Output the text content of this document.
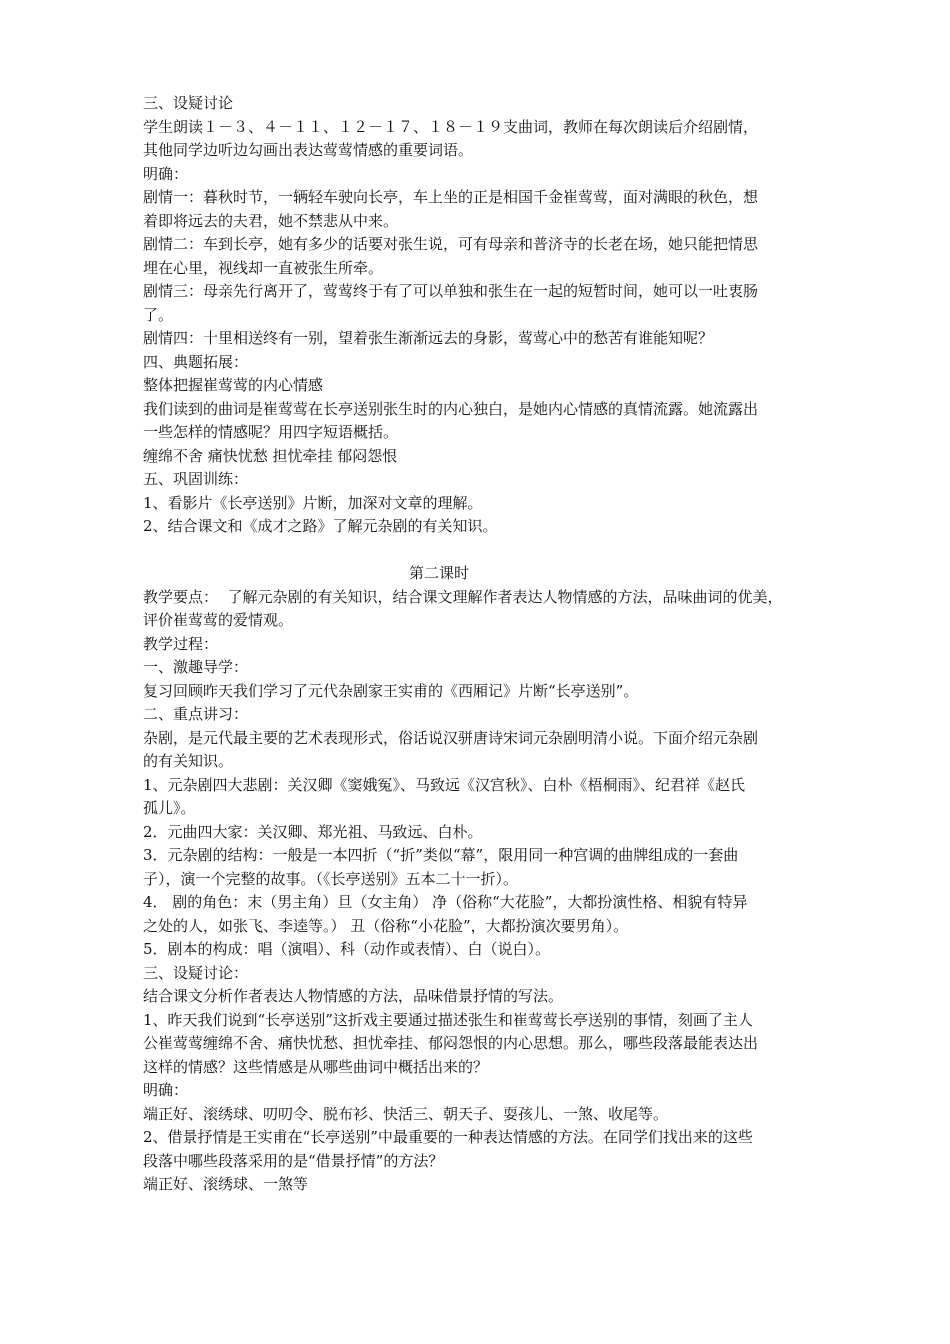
三、设疑讨论

学生朗读１－３、４－１１、１２－１７、１８－１９支曲词，教师在每次朗读后介绍剧情，

其他同学边听边勾画出表达莺莺情感的重要词语。

明确：

剧情一：暮秋时节，一辆轻车驶向长亭，车上坐的正是相国千金崔莺莺，面对满眼的秋色，想

着即将远去的夫君，她不禁悲从中来。

剧情二：车到长亭，她有多少的话要对张生说，可有母亲和普济寺的长老在场，她只能把情思

埋在心里，视线却一直被张生所牵。

剧情三：母亲先行离开了，莺莺终于有了可以单独和张生在一起的短暂时间，她可以一吐衷肠

了。

剧情四：十里相送终有一别，望着张生渐渐远去的身影，莺莺心中的愁苦有谁能知呢？

四、典题拓展：

整体把握崔莺莺的内心情感

我们读到的曲词是崔莺莺在长亭送别张生时的内心独白，是她内心情感的真情流露。她流露出

一些怎样的情感呢？用四字短语概括。

缠绵不舍 痛快忧愁 担忧牵挂 郁闷怨恨

五、巩固训练：

1、看影片《长亭送别》片断，加深对文章的理解。

2、结合课文和《成才之路》了解元杂剧的有关知识。

第二课时

教学要点：  了解元杂剧的有关知识，结合课文理解作者表达人物情感的方法，品味曲词的优美，

评价崔莺莺的爱情观。

教学过程：

一、激趣导学：

复习回顾昨天我们学习了元代杂剧家王实甫的《西厢记》片断“长亭送别”。

二、重点讲习：

杂剧，是元代最主要的艺术表现形式，俗话说汉骈唐诗宋词元杂剧明清小说。下面介绍元杂剧

的有关知识。

1、元杂剧四大悲剧：关汉卿《窦娥冤》、马致远《汉宫秋》、白朴《梧桐雨》、纪君祥《赵氏

孤儿》。

2．元曲四大家：关汉卿、郑光祖、马致远、白朴。

3．元杂剧的结构：一般是一本四折（“折”类似“幕”，限用同一种宫调的曲牌组成的一套曲

子），演一个完整的故事。（《长亭送别》五本二十一折）。

4． 剧的角色：末（男主角）旦（女主角） 净（俗称“大花脸”，大都扮演性格、相貌有特异

之处的人，如张飞、李逵等。） 丑（俗称“小花脸”，大都扮演次要男角）。

5．剧本的构成：唱（演唱）、科（动作或表情）、白（说白）。

三、设疑讨论：

结合课文分析作者表达人物情感的方法，品味借景抒情的写法。

1、昨天我们说到“长亭送别”这折戏主要通过描述张生和崔莺莺长亭送别的事情，刻画了主人

公崔莺莺缠绵不舍、痛快忧愁、担忧牵挂、郁闷怨恨的内心思想。那么，哪些段落最能表达出

这样的情感？这些情感是从哪些曲词中概括出来的？

明确：

端正好、滚绣球、叨叨令、脱布衫、快活三、朝天子、耍孩儿、一煞、收尾等。

2、借景抒情是王实甫在“长亭送别”中最重要的一种表达情感的方法。在同学们找出来的这些

段落中哪些段落采用的是“借景抒情”的方法？

端正好、滚绣球、一煞等
